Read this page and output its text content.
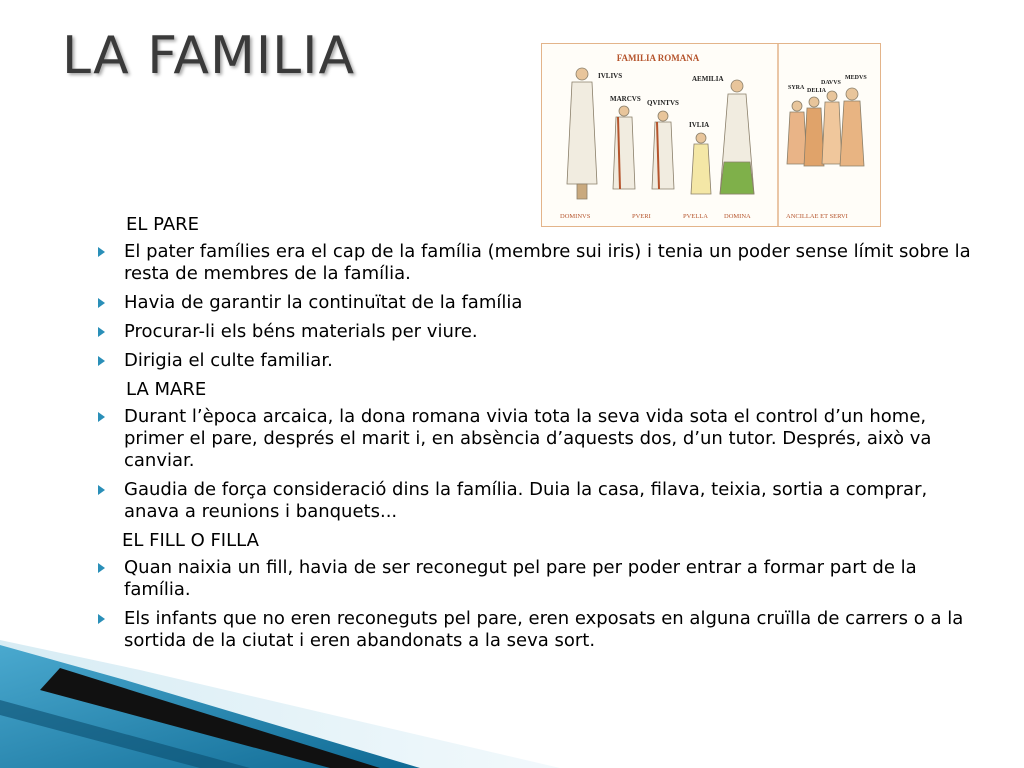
LA FAMILIA	FAMILIA ROMANA
IVLIVS
MARCVS QVINTVS
AEMILIA
IVLIA
SYRA
DAVVS
DELIA
MEDVS
DOMINVS	PVERI	PVELLA DOMINA	ANCILLAE ET SERVI
EL PARE
El pater famílies era el cap de la família (membre sui iris) i tenia un poder sense límit sobre la resta de membres de la família.
Havia de garantir la continuïtat de la família
Procurar-li els béns materials per viure.
Dirigia el culte familiar.
LA MARE
Durant l’època arcaica, la dona romana vivia tota la seva vida sota el control d’un home, primer el pare, després el marit i, en absència d’aquests dos, d’un tutor. Després, això va canviar.
Gaudia de força consideració dins la família. Duia la casa, filava, teixia, sortia a comprar, anava a reunions i banquets...
EL FILL O FILLA
Quan naixia un fill, havia de ser reconegut pel pare per poder entrar a formar part de la família.
Els infants que no eren reconeguts pel pare, eren exposats en alguna cruïlla de carrers o a la sortida de la ciutat i eren abandonats a la seva sort.
